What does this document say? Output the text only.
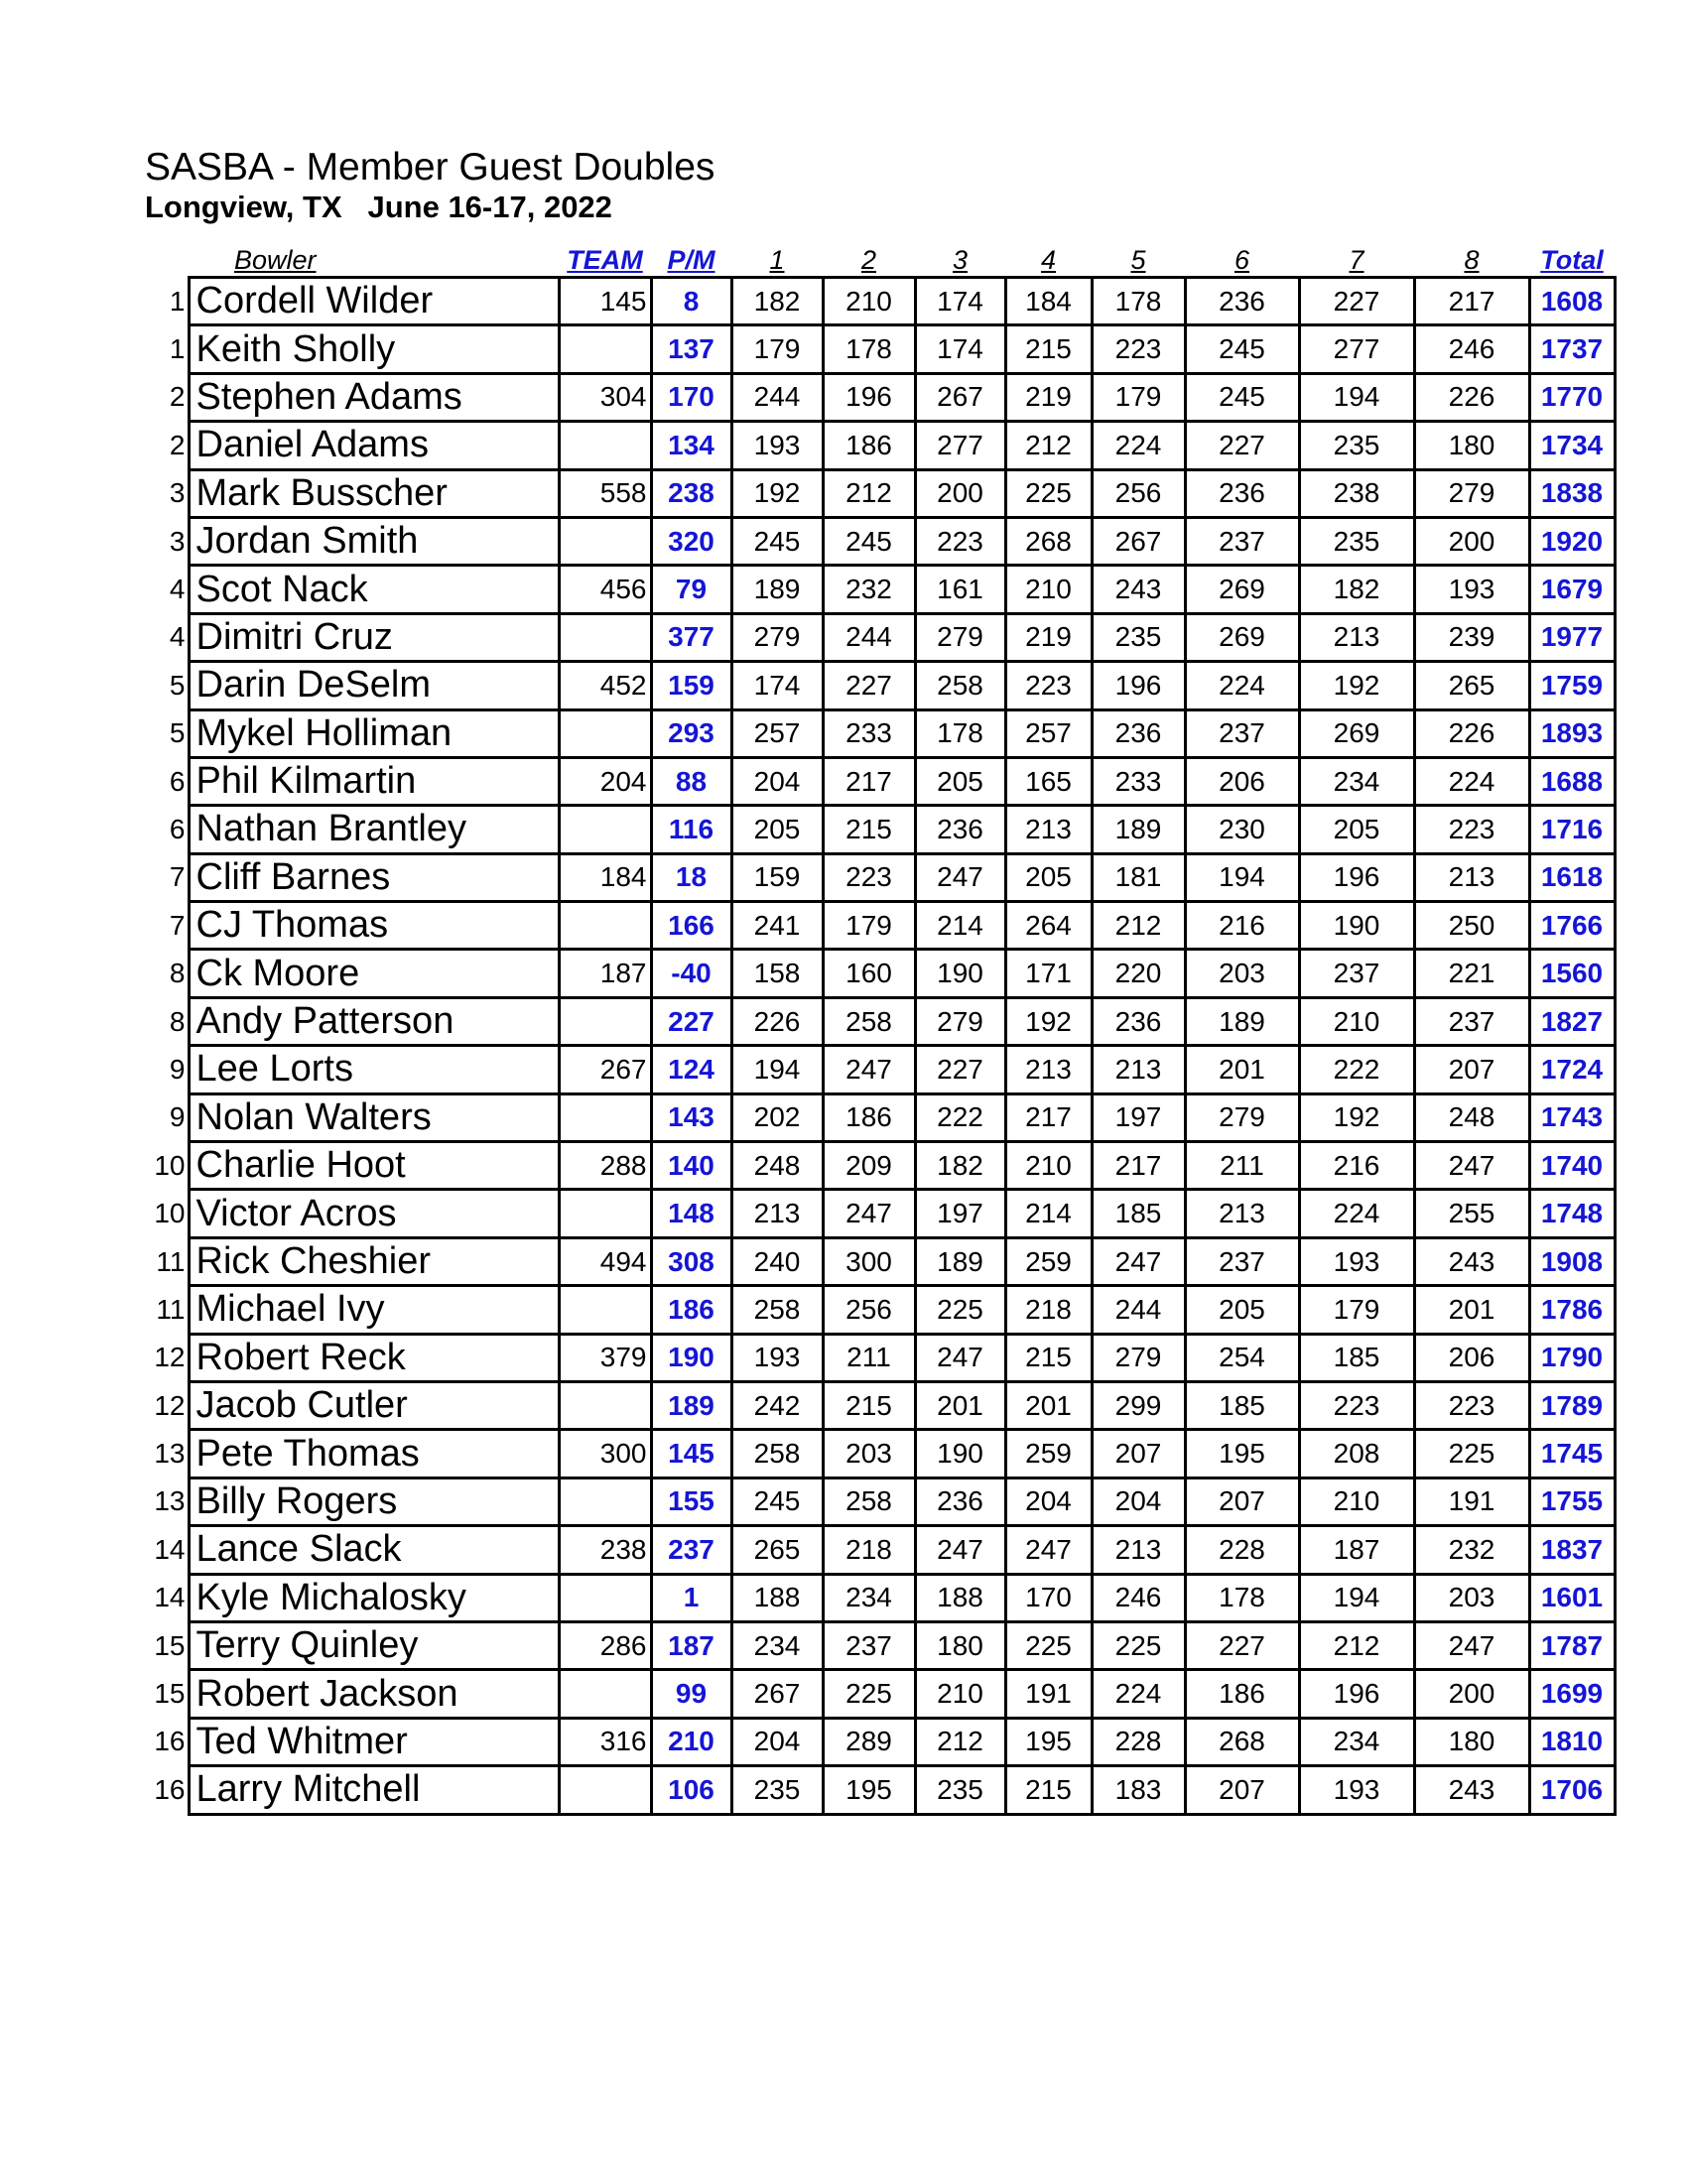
SASBA - Member Guest Doubles
Longview, TX   June 16-17, 2022
	Bowler	TEAM	P/M	1	2	3	4	5	6	7	8	Total
1	Cordell Wilder	145	8	182	210	174	184	178	236	227	217	1608
1	Keith Sholly		137	179	178	174	215	223	245	277	246	1737
2	Stephen Adams	304	170	244	196	267	219	179	245	194	226	1770
2	Daniel Adams		134	193	186	277	212	224	227	235	180	1734
3	Mark Busscher	558	238	192	212	200	225	256	236	238	279	1838
3	Jordan Smith		320	245	245	223	268	267	237	235	200	1920
4	Scot Nack	456	79	189	232	161	210	243	269	182	193	1679
4	Dimitri Cruz		377	279	244	279	219	235	269	213	239	1977
5	Darin DeSelm	452	159	174	227	258	223	196	224	192	265	1759
5	Mykel Holliman		293	257	233	178	257	236	237	269	226	1893
6	Phil Kilmartin	204	88	204	217	205	165	233	206	234	224	1688
6	Nathan Brantley		116	205	215	236	213	189	230	205	223	1716
7	Cliff Barnes	184	18	159	223	247	205	181	194	196	213	1618
7	CJ Thomas		166	241	179	214	264	212	216	190	250	1766
8	Ck Moore	187	-40	158	160	190	171	220	203	237	221	1560
8	Andy Patterson		227	226	258	279	192	236	189	210	237	1827
9	Lee Lorts	267	124	194	247	227	213	213	201	222	207	1724
9	Nolan Walters		143	202	186	222	217	197	279	192	248	1743
10	Charlie Hoot	288	140	248	209	182	210	217	211	216	247	1740
10	Victor Acros		148	213	247	197	214	185	213	224	255	1748
11	Rick Cheshier	494	308	240	300	189	259	247	237	193	243	1908
11	Michael Ivy		186	258	256	225	218	244	205	179	201	1786
12	Robert Reck	379	190	193	211	247	215	279	254	185	206	1790
12	Jacob Cutler		189	242	215	201	201	299	185	223	223	1789
13	Pete Thomas	300	145	258	203	190	259	207	195	208	225	1745
13	Billy Rogers		155	245	258	236	204	204	207	210	191	1755
14	Lance Slack	238	237	265	218	247	247	213	228	187	232	1837
14	Kyle Michalosky		1	188	234	188	170	246	178	194	203	1601
15	Terry Quinley	286	187	234	237	180	225	225	227	212	247	1787
15	Robert Jackson		99	267	225	210	191	224	186	196	200	1699
16	Ted Whitmer	316	210	204	289	212	195	228	268	234	180	1810
16	Larry Mitchell		106	235	195	235	215	183	207	193	243	1706
